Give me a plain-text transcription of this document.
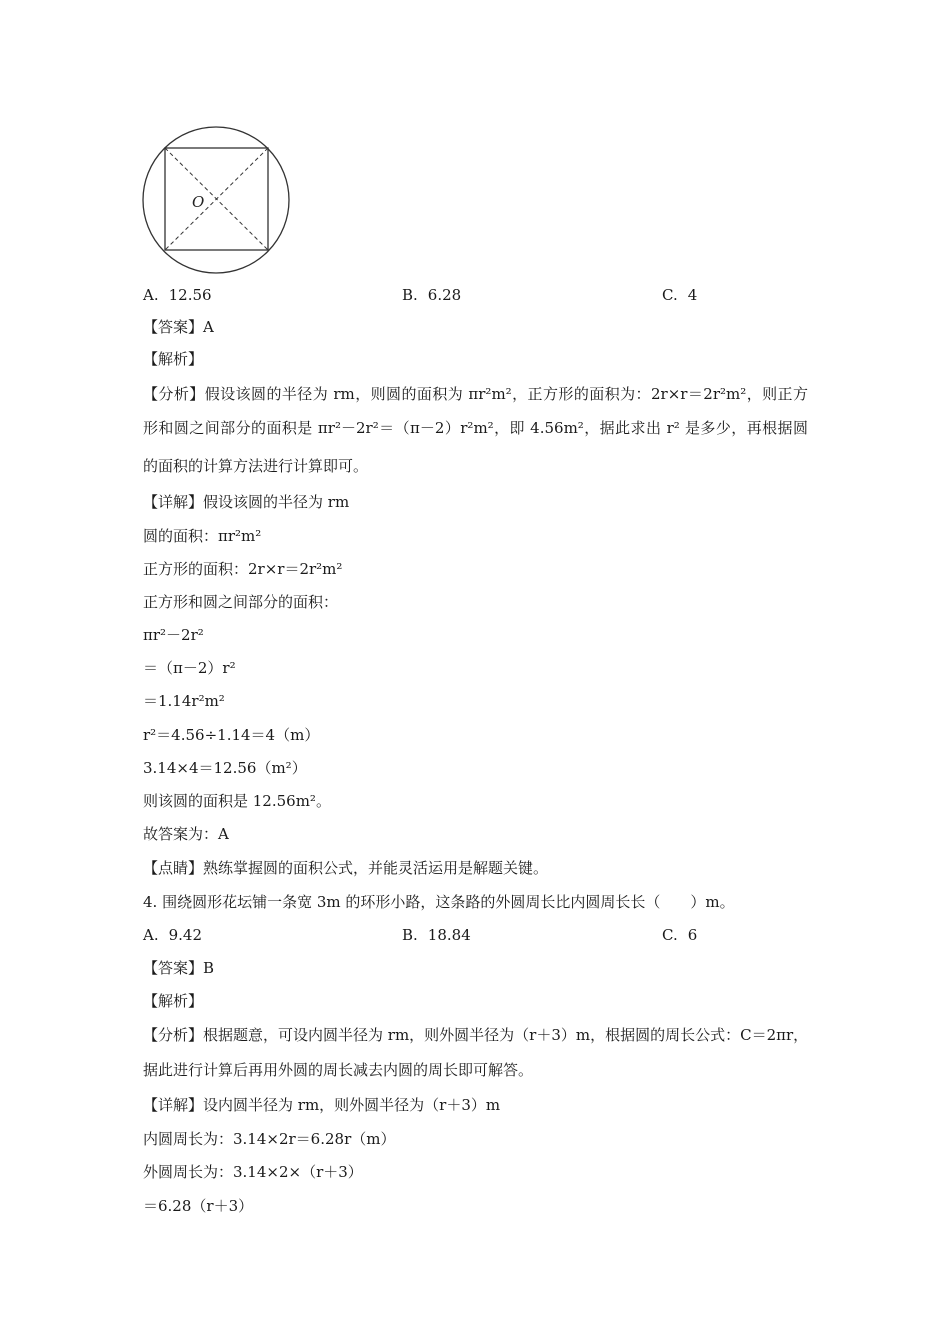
O
A. 12.56	B. 6.28	C. 4
【答案】A
【解析】
【分析】假设该圆的半径为 rm，则圆的面积为 πr²m²，正方形的面积为：2r×r＝2r²m²，则正方
形和圆之间部分的面积是 πr²－2r²＝（π－2）r²m²，即 4.56m²，据此求出 r² 是多少，再根据圆
的面积的计算方法进行计算即可。
【详解】假设该圆的半径为 rm
圆的面积：πr²m²
正方形的面积：2r×r＝2r²m²
正方形和圆之间部分的面积：
πr²－2r²
＝（π－2）r²
＝1.14r²m²
r²＝4.56÷1.14＝4（m）
3.14×4＝12.56（m²）
则该圆的面积是 12.56m²。
故答案为：A
【点睛】熟练掌握圆的面积公式，并能灵活运用是解题关键。
4. 围绕圆形花坛铺一条宽 3m 的环形小路，这条路的外圆周长比内圆周长长（　　）m。
A. 9.42	B. 18.84	C. 6
【答案】B
【解析】
【分析】根据题意，可设内圆半径为 rm，则外圆半径为（r＋3）m，根据圆的周长公式：C＝2πr，
据此进行计算后再用外圆的周长减去内圆的周长即可解答。
【详解】设内圆半径为 rm，则外圆半径为（r＋3）m
内圆周长为：3.14×2r＝6.28r（m）
外圆周长为：3.14×2×（r＋3）
＝6.28（r＋3）
